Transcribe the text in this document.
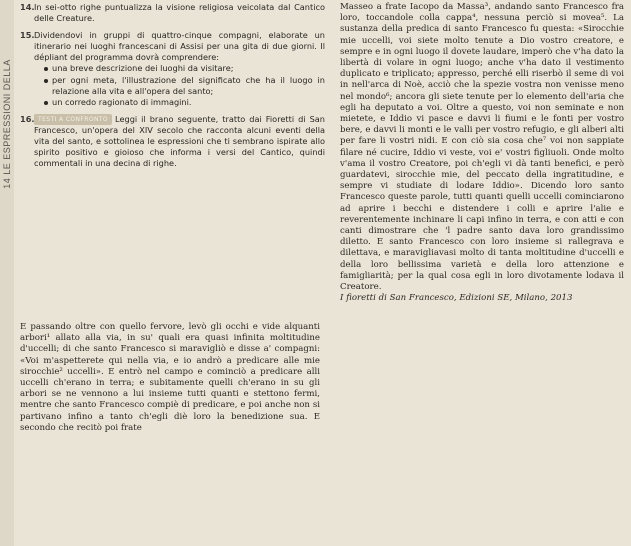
14 LE ESPRESSIONI DELLA
14. In sei-otto righe puntualizza la visione religiosa veicolata dal Cantico delle Creature.

15. Dividendovi in gruppi di quattro-cinque compagni, elaborate un itinerario nei luoghi francescani di Assisi per una gita di due giorni. Il dépliant del programma dovrà comprendere:

una breve descrizione dei luoghi da visitare;
per ogni meta, l'illustrazione del significato che ha il luogo in relazione alla vita e all'opera del santo;
un corredo ragionato di immagini.
16. TESTI A CONFRONTO Leggi il brano seguente, tratto dai Fioretti di San Francesco, un'opera del XIV secolo che racconta alcuni eventi della vita del santo, e sottolinea le espressioni che ti sembrano ispirate allo spirito positivo e gioioso che informa i versi del Cantico, quindi commentali in una decina di righe.

E passando oltre con quello fervore, levò gli occhi e vide alquanti arbori¹ allato alla via, in su' quali era quasi infinita moltitudine d'uccelli; di che santo Francesco si maravigliò e disse a' compagni: «Voi m'aspetterete qui nella via, e io andrò a predicare alle mie sirocchie² uccelli». E entrò nel campo e cominciò a predicare alli uccelli ch'erano in terra; e subitamente quelli ch'erano in su gli arbori se ne vennono a lui insieme tutti quanti e stettono fermi, mentre che santo Francesco compiè di predicare, e poi anche non si partivano infino a tanto ch'egli diè loro la benedizione sua. E secondo che recitò poi frate

Masseo a frate Iacopo da Massa³, andando santo Francesco fra loro, toccandole colla cappa⁴, nessuna perciò si movea⁵. La sustanza della predica di santo Francesco fu questa: «Sirocchie mie uccelli, voi siete molto tenute a Dio vostro creatore, e sempre e in ogni luogo il dovete laudare, imperò che v'ha dato la libertà di volare in ogni luogo; anche v'ha dato il vestimento duplicato e triplicato; appresso, perché elli riserbò il seme di voi in nell'arca di Noè, acciò che la spezie vostra non venisse meno nel mondo⁶; ancora gli siete tenute per lo elemento dell'aria che egli ha deputato a voi. Oltre a questo, voi non seminate e non mietete, e Iddio vi pasce e davvi li fiumi e le fonti per vostro bere, e davvi li monti e le valli per vostro refugio, e gli alberi alti per fare li vostri nidi. E con ciò sia cosa che⁷ voi non sappiate filare né cucire, Iddio vi veste, voi e' vostri figliuoli. Onde molto v'ama il vostro Creatore, poi ch'egli vi dà tanti benefici, e però guardatevi, sirocchie mie, del peccato della ingratitudine, e sempre vi studiate di lodare Iddio». Dicendo loro santo Francesco queste parole, tutti quanti quelli uccelli cominciarono ad aprire i becchi e distendere i colli e aprire l'alie e reverentemente inchinare li capi infino in terra, e con atti e con canti dimostrare che 'l padre santo dava loro grandissimo diletto. E santo Francesco con loro insieme si rallegrava e dilettava, e maravigliavasi molto di tanta moltitudine d'uccelli e della loro bellissima varietà e della loro attenzione e famigliarità; per la qual cosa egli in loro divotamente lodava il Creatore.

I fioretti di San Francesco, Edizioni SE, Milano, 2013
